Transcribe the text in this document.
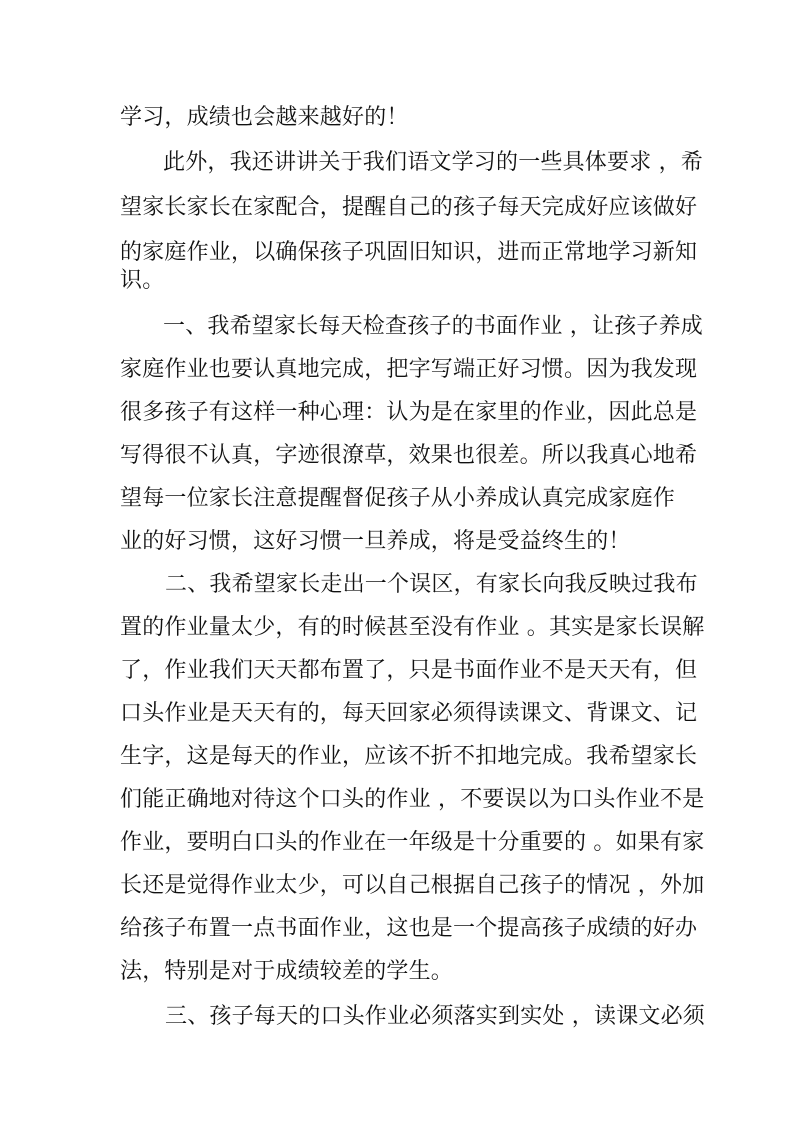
学习，成绩也会越来越好的！
此外，我还讲讲关于我们语文学习的一些具体要求 ，希
望家长家长在家配合，提醒自己的孩子每天完成好应该做好
的家庭作业，以确保孩子巩固旧知识，进而正常地学习新知
识。
一、我希望家长每天检查孩子的书面作业 ，让孩子养成
家庭作业也要认真地完成，把字写端正好习惯。因为我发现
很多孩子有这样一种心理：认为是在家里的作业，因此总是
写得很不认真，字迹很潦草，效果也很差。所以我真心地希
望每一位家长注意提醒督促孩子从小养成认真完成家庭作
业的好习惯，这好习惯一旦养成，将是受益终生的！
二、我希望家长走出一个误区，有家长向我反映过我布
置的作业量太少，有的时候甚至没有作业 。其实是家长误解
了，作业我们天天都布置了，只是书面作业不是天天有，但
口头作业是天天有的，每天回家必须得读课文、背课文、记
生字，这是每天的作业，应该不折不扣地完成。我希望家长
们能正确地对待这个口头的作业 ，不要误以为口头作业不是
作业，要明白口头的作业在一年级是十分重要的 。如果有家
长还是觉得作业太少，可以自己根据自己孩子的情况 ，外加
给孩子布置一点书面作业，这也是一个提高孩子成绩的好办
法，特别是对于成绩较差的学生。
三、孩子每天的口头作业必须落实到实处 ，读课文必须
